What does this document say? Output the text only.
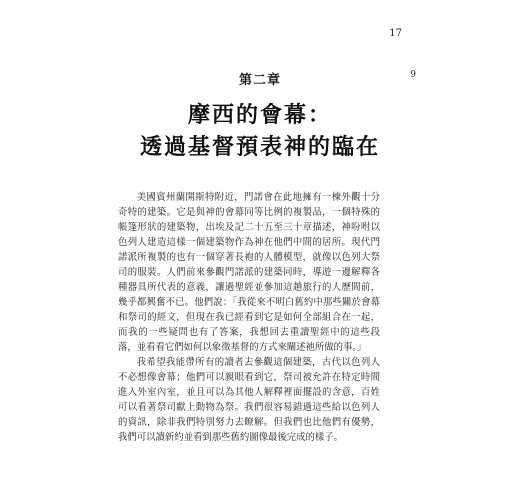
17
第二章	9
摩西的會幕：
透過基督預表神的臨在

美國賓州蘭開斯特附近，門諾會在此地擁有一棟外觀十分奇特的建築。它是與神的會幕同等比例的複製品，一個特殊的帳篷形狀的建築物，出埃及記二十五至三十章描述，神吩咐以色列人建造這樣一個建築物作為神在他們中間的居所。現代門諾派所複製的也有一個穿著長袍的人體模型，就像以色列大祭司的服裝。人們前來參觀門諾派的建築同時，導遊一邊解釋各種器具所代表的意義，讓過聖經並參加這趟旅行的人歷間前，幾乎都興奮不已。他們說：「我從來不明白舊約中那些關於會幕和祭司的經文，但現在我已經看到它是如何全部組合在一起，而我的一些疑問也有了答案，我想回去重讀聖經中的這些段落，並看看它們如何以象徵基督的方式來闡述祂所做的事。」

我希望我能帶所有的讀者去參觀這個建築，古代以色列人不必想像會幕；他們可以親眼看到它，祭司被允許在特定時間進入外室內室，並且可以為其他人解釋裡面擺設的含意，百姓可以看著祭司獻上動物為祭。我們很容易錯過這些給以色列人的資訊，除非我們特別努力去瞭解。但我們也比他們有優勢，我們可以讀新約並看到那些舊約圖像最後完成的樣子。
